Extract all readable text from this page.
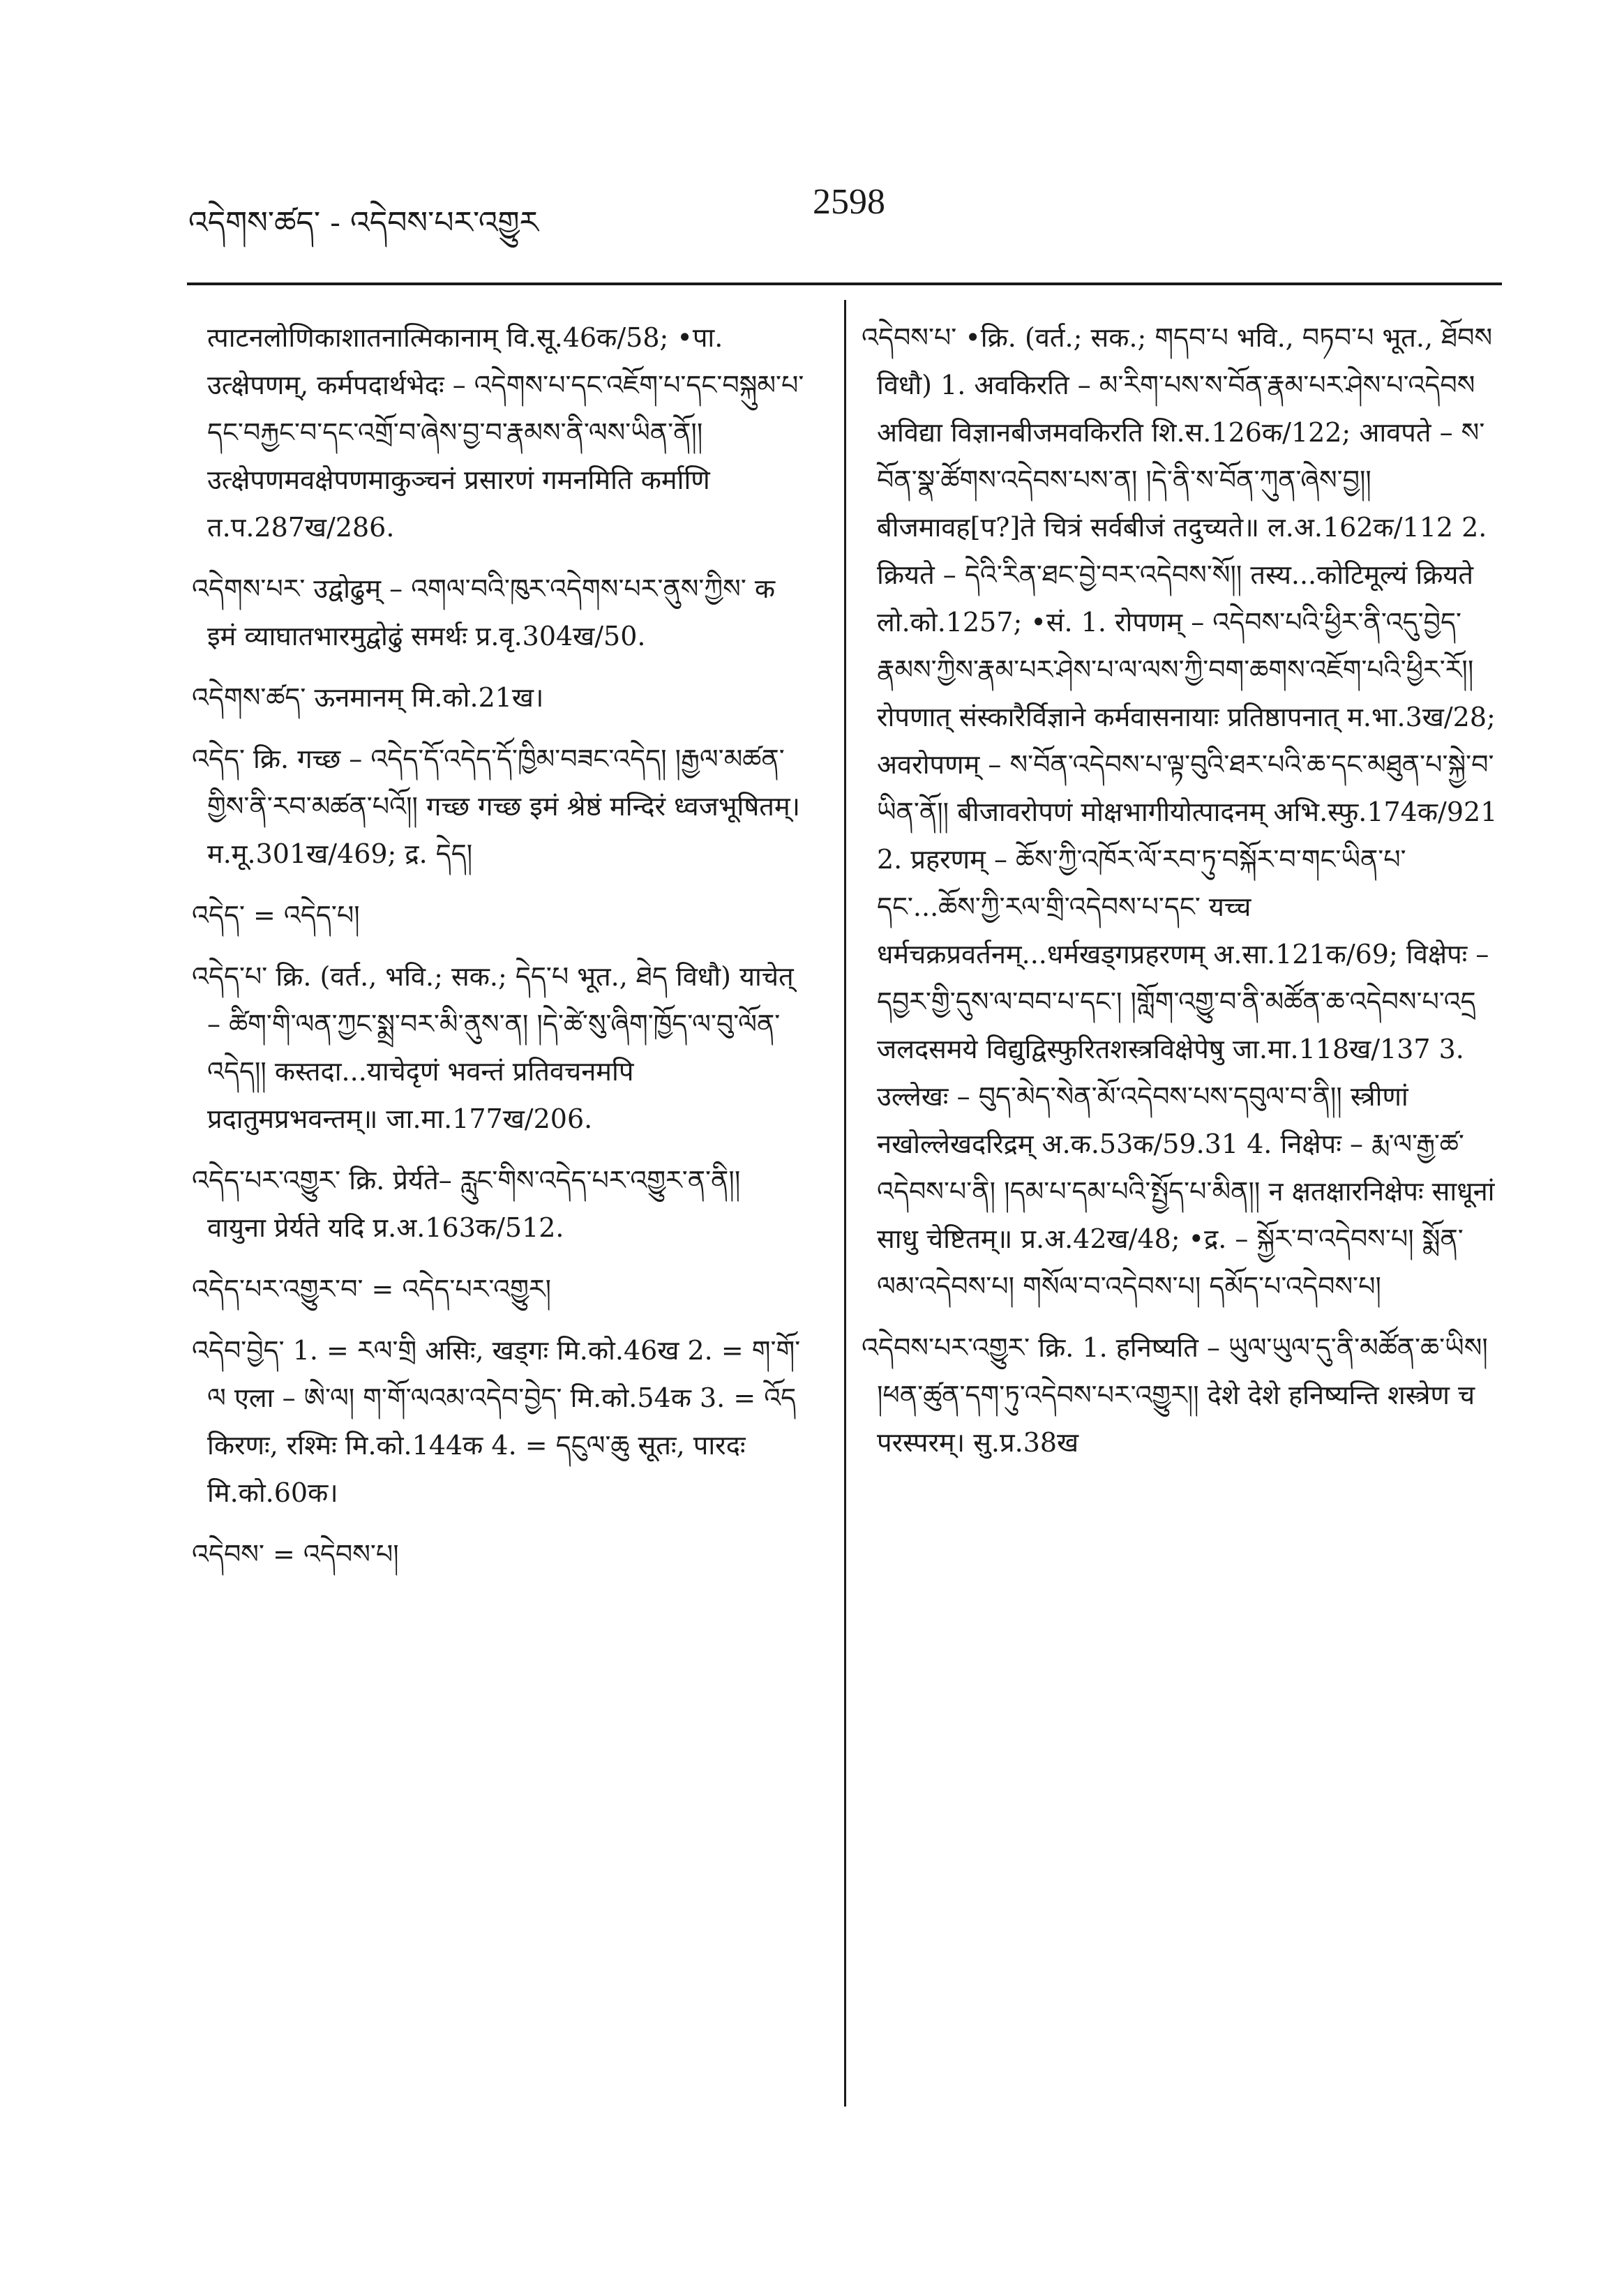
འདེགས་ཚད་ - འདེབས་པར་འགྱུར
2598

त्पाटनलोणिकाशातनात्मिकानाम् वि.सू.46क/58; •पा. उत्क्षेपणम्, कर्मपदार्थभेदः – འདེགས་པ་དང་འཇོག་པ་དང་བསྐུམ་པ་དང་བརྐྱང་བ་དང་འགྲོ་བ་ཞེས་བྱ་བ་རྣམས་ནི་ལས་ཡིན་ནོ།། उत्क्षेपणमवक्षेपणमाकुञ्चनं प्रसारणं गमनमिति कर्माणि त.प.287ख/286.

འདེགས་པར་ उद्वोढुम् – འགལ་བའི་ཁུར་འདེགས་པར་ནུས་ཀྱིས་ क इमं व्याघातभारमुद्वोढुं समर्थः प्र.वृ.304ख/50.

འདེགས་ཚད་ ऊनमानम् मि.को.21ख।

འདེད་ क्रि. गच्छ – འདེད་དོ་འདེད་དོ་ཁྱིམ་བཟང་འདེད། །རྒྱལ་མཚན་གྱིས་ནི་རབ་མཚན་པའོ།། गच्छ गच्छ इमं श्रेष्ठं मन्दिरं ध्वजभूषितम्। म.मू.301ख/469; द्र. དེད།

འདེད་ = འདེད་པ།

འདེད་པ་ क्रि. (वर्त., भवि.; सक.; དེད་པ भूत., ཐེད विधौ) याचेत् – ཚིག་གི་ལན་ཀྱང་སྨྲ་བར་མི་ནུས་ན། །དེ་ཚེ་སུ་ཞིག་ཁྱོད་ལ་བུ་ལོན་འདེད།། कस्तदा...याचेदृणं भवन्तं प्रतिवचनमपि प्रदातुमप्रभवन्तम्॥ जा.मा.177ख/206.

འདེད་པར་འགྱུར་ क्रि. प्रेर्यते– རླུང་གིས་འདེད་པར་འགྱུར་ན་ནི།། वायुना प्रेर्यते यदि प्र.अ.163क/512.

འདེད་པར་འགྱུར་བ་ = འདེད་པར་འགྱུར།

འདེབ་བྱེད་ 1. = རལ་གྲི असिः, खड्गः मि.को.46ख 2. = ག་གོ་ལ एला – ཨེ་ལ། ག་གོ་ལའམ་འདེབ་བྱེད་ मि.को.54क 3. = འོད किरणः, रश्मिः मि.को.144क 4. = དངུལ་ཆུ सूतः, पारदः मि.को.60क।

འདེབས་ = འདེབས་པ།

འདེབས་པ་ •क्रि. (वर्त.; सक.; གདབ་པ भवि., བཏབ་པ भूत., ཐོབས विधौ) 1. अवकिरति – མ་རིག་པས་ས་བོན་རྣམ་པར་ཤེས་པ་འདེབས अविद्या विज्ञानबीजमवकिरति शि.स.126क/122; आवपते – ས་བོན་སྣ་ཚོགས་འདེབས་པས་ན། །དེ་ནི་ས་བོན་ཀུན་ཞེས་བྱ།། बीजमावह[प?]ते चित्रं सर्वबीजं तदुच्यते॥ ल.अ.162क/112 2. क्रियते – དེའི་རིན་ཐང་བྱེ་བར་འདེབས་སོ།། तस्य...कोटिमूल्यं क्रियते लो.को.1257; •सं. 1. रोपणम् – འདེབས་པའི་ཕྱིར་ནི་འདུ་བྱེད་རྣམས་ཀྱིས་རྣམ་པར་ཤེས་པ་ལ་ལས་ཀྱི་བག་ཆགས་འཇོག་པའི་ཕྱིར་རོ།། रोपणात् संस्कारैर्विज्ञाने कर्मवासनायाः प्रतिष्ठापनात् म.भा.3ख/28; अवरोपणम् – ས་བོན་འདེབས་པ་ལྟ་བུའི་ཐར་པའི་ཆ་དང་མཐུན་པ་སྐྱེ་བ་ཡིན་ནོ།། बीजावरोपणं मोक्षभागीयोत्पादनम् अभि.स्फु.174क/921 2. प्रहरणम् – ཆོས་ཀྱི་འཁོར་ལོ་རབ་ཏུ་བསྐོར་བ་གང་ཡིན་པ་དང་...ཆོས་ཀྱི་རལ་གྲི་འདེབས་པ་དང་ यच्च धर्मचक्रप्रवर्तनम्...धर्मखड्गप्रहरणम् अ.सा.121क/69; विक्षेपः – དབྱར་གྱི་དུས་ལ་བབ་པ་དང་། །གློག་འགྱུ་བ་ནི་མཚོན་ཆ་འདེབས་པ་འདྲ जलदसमये विद्युद्विस्फुरितशस्त्रविक्षेपेषु जा.मा.118ख/137 3. उल्लेखः – བུད་མེད་སེན་མོ་འདེབས་པས་དབུལ་བ་ནི།། स्त्रीणां नखोल्लेखदरिद्रम् अ.क.53क/59.31 4. निक्षेपः – རྨ་ལ་རྒྱ་ཚ་འདེབས་པ་ནི། །དམ་པ་དམ་པའི་སྤྱོད་པ་མིན།། न क्षतक्षारनिक्षेपः साधूनां साधु चेष्टितम्॥ प्र.अ.42ख/48; •द्र. – སྐྱོར་བ་འདེབས་པ། སྨོན་ལམ་འདེབས་པ། གསོལ་བ་འདེབས་པ། དམོད་པ་འདེབས་པ།

འདེབས་པར་འགྱུར་ क्रि. 1. हनिष्यति – ཡུལ་ཡུལ་དུ་ནི་མཚོན་ཆ་ཡིས། །ཕན་ཚུན་དག་ཏུ་འདེབས་པར་འགྱུར།། देशे देशे हनिष्यन्ति शस्त्रेण च परस्परम्। सु.प्र.38ख
